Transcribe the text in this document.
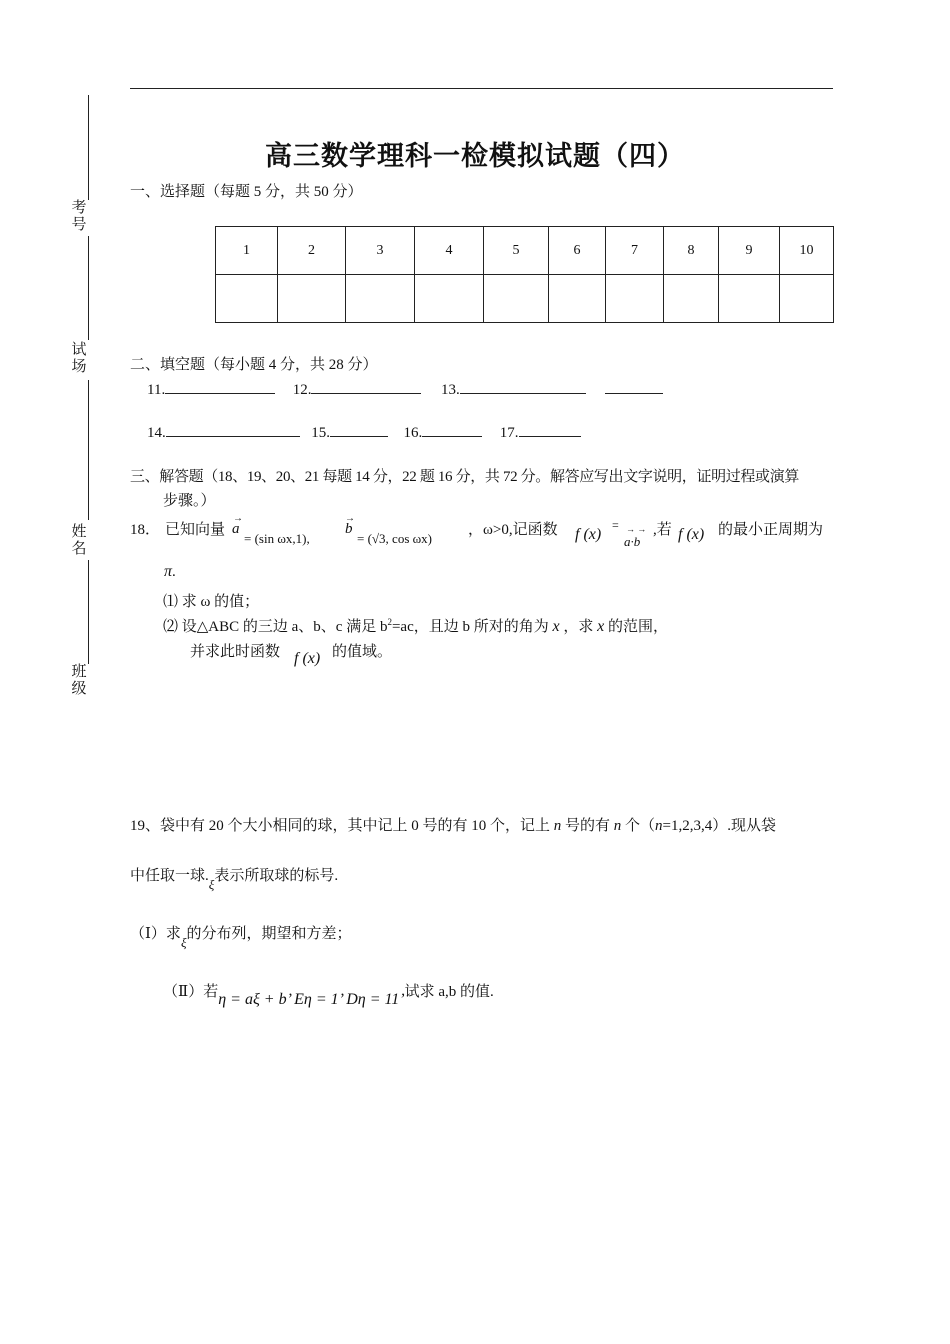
考号
试场
姓名
班级
高三数学理科一检模拟试题（四）
一、选择题（每题 5 分，共 50 分）
1	2	3	4	5	6	7	8	9	10

二、填空题（每小题 4 分，共 28 分）
11.	12.	13.
14.	15.	16.	17.
三、解答题（18、19、20、21 每题 14 分，22 题 16 分，共 72 分。解答应写出文字说明，证明过程或演算
步骤。）
18． 已知向量
→
a
= (sin ωx,1),
→
b
= (√3, cos ωx)
，ω>0,记函数 f (x)
= → →
a·b
,若 f (x) 的最小正周期为
π.
⑴ 求 ω 的值；
⑵ 设△ABC 的三边 a、b、c 满足 $b^2=ac$，且边 b 所对的角为 x ，求 x 的范围，
并求此时函数 f (x) 的值域。
19、袋中有 20 个大小相同的球，其中记上 0 号的有 10 个，记上 n 号的有 n 个（n=1,2,3,4）.现从袋
中任取一球.ξ表示所取球的标号.
（Ⅰ）求ξ的分布列，期望和方差；
（Ⅱ）若η = aξ + b’ Eη = 1’ Dη = 11’试求 a,b 的值.
